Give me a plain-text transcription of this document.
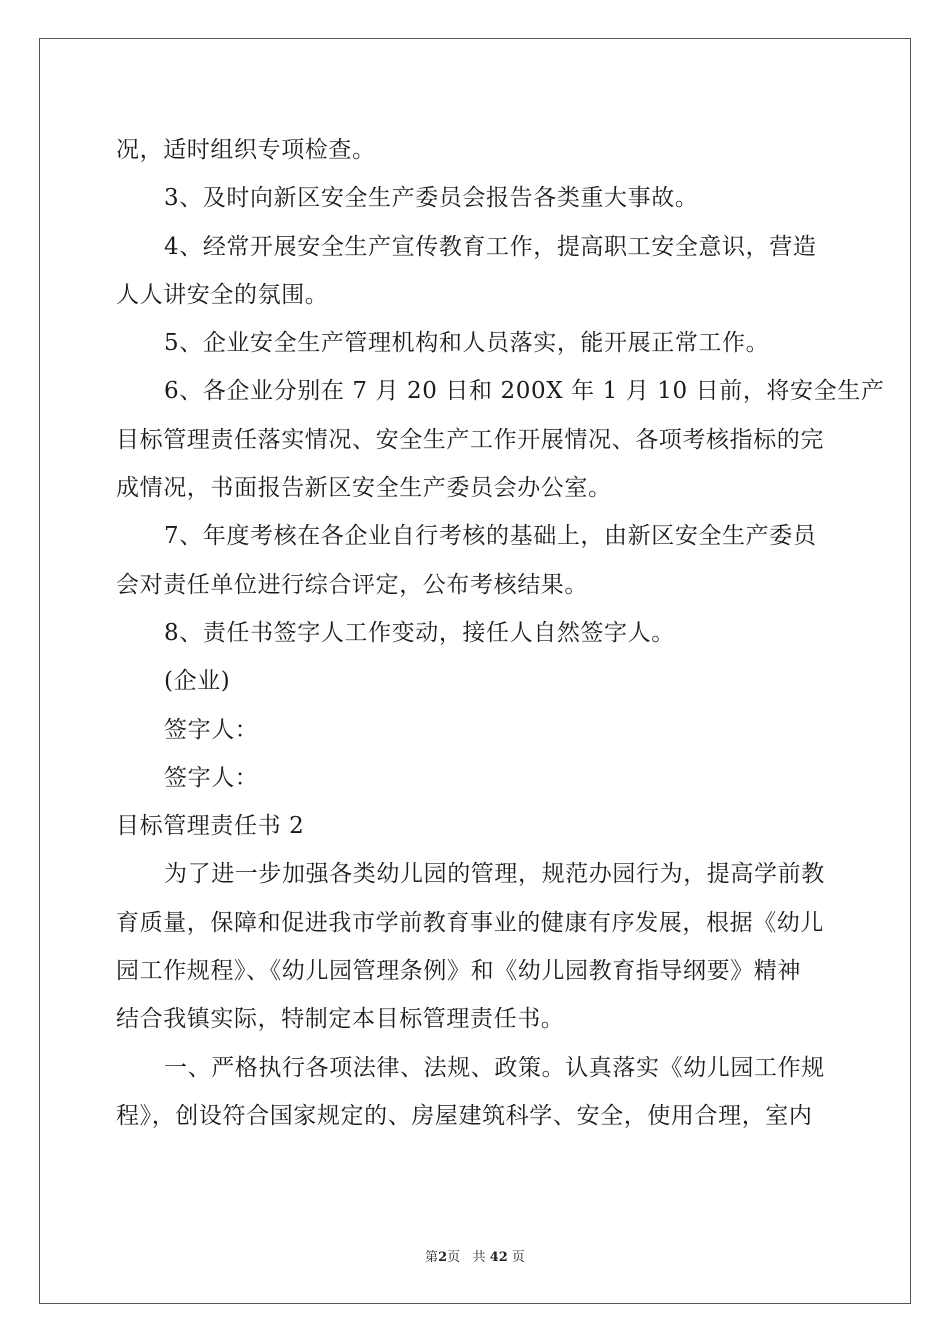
况，适时组织专项检查。
3、及时向新区安全生产委员会报告各类重大事故。
4、经常开展安全生产宣传教育工作，提高职工安全意识，营造
人人讲安全的氛围。
5、企业安全生产管理机构和人员落实，能开展正常工作。
6、各企业分别在 7 月 20 日和 200X 年 1 月 10 日前，将安全生产
目标管理责任落实情况、安全生产工作开展情况、各项考核指标的完
成情况，书面报告新区安全生产委员会办公室。
7、年度考核在各企业自行考核的基础上，由新区安全生产委员
会对责任单位进行综合评定，公布考核结果。
8、责任书签字人工作变动，接任人自然签字人。
(企业)
签字人：
签字人：
目标管理责任书 2
为了进一步加强各类幼儿园的管理，规范办园行为，提高学前教
育质量，保障和促进我市学前教育事业的健康有序发展，根据《幼儿
园工作规程》、《幼儿园管理条例》和《幼儿园教育指导纲要》精神
结合我镇实际，特制定本目标管理责任书。
一、严格执行各项法律、法规、政策。认真落实《幼儿园工作规
程》，创设符合国家规定的、房屋建筑科学、安全，使用合理，室内
第2页 共 42 页
